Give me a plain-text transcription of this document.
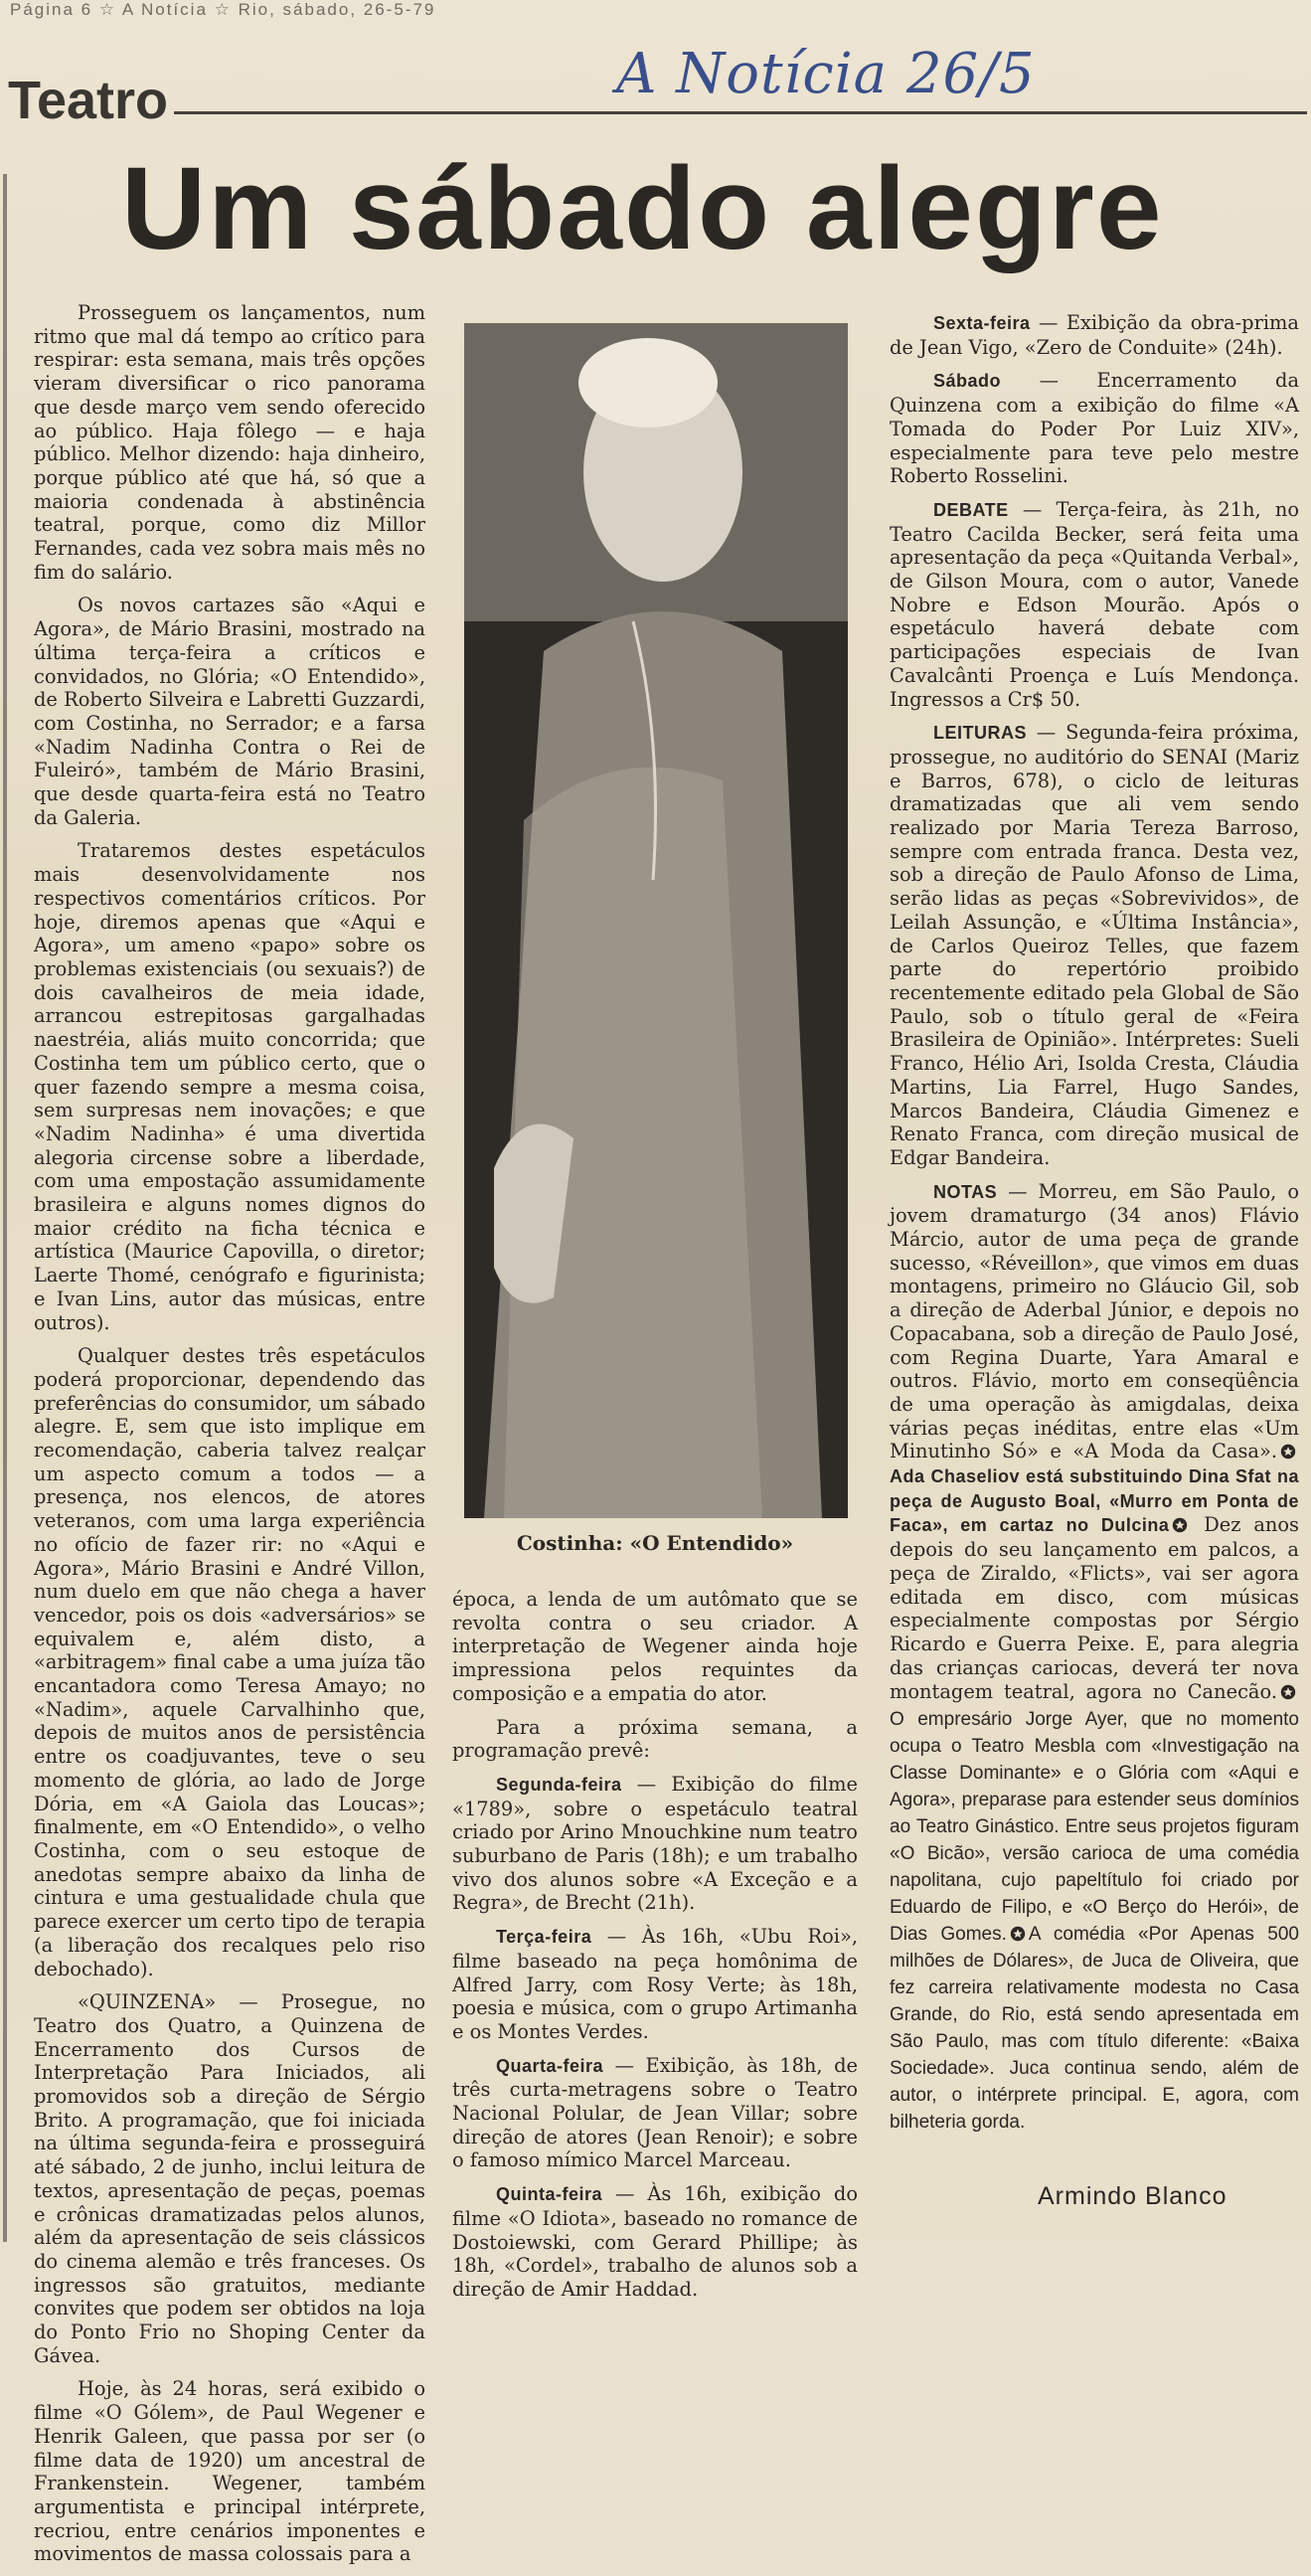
Página 6 ☆ A Notícia ☆ Rio, sábado, 26-5-79
A Notícia 26/5
Teatro
Um sábado alegre

Prosseguem os lançamentos, num ritmo que mal dá tempo ao crítico para respirar: esta semana, mais três opções vieram diversificar o rico panorama que desde março vem sendo oferecido ao público. Haja fôlego — e haja público. Melhor dizendo: haja dinheiro, porque público até que há, só que a maioria condenada à abstinência teatral, porque, como diz Millor Fernandes, cada vez sobra mais mês no fim do salário.

Os novos cartazes são «Aqui e Agora», de Mário Brasini, mostrado na última terça-feira a críticos e convidados, no Glória; «O Entendido», de Roberto Silveira e Labretti Guzzardi, com Costinha, no Serrador; e a farsa «Nadim Nadinha Contra o Rei de Fuleiró», também de Mário Brasini, que desde quarta-feira está no Teatro da Galeria.

Trataremos destes espetáculos mais desenvolvidamente nos respectivos comentários críticos. Por hoje, diremos apenas que «Aqui e Agora», um ameno «papo» sobre os problemas existenciais (ou sexuais?) de dois cavalheiros de meia idade, arrancou estrepitosas gargalhadas naestréia, aliás muito concorrida; que Costinha tem um público certo, que o quer fazendo sempre a mesma coisa, sem surpresas nem inovações; e que «Nadim Nadinha» é uma divertida alegoria circense sobre a liberdade, com uma empostação assumidamente brasileira e alguns nomes dignos do maior crédito na ficha técnica e artística (Maurice Capovilla, o diretor; Laerte Thomé, cenógrafo e figurinista; e Ivan Lins, autor das músicas, entre outros).

Qualquer destes três espetáculos poderá proporcionar, dependendo das preferências do consumidor, um sábado alegre. E, sem que isto implique em recomendação, caberia talvez realçar um aspecto comum a todos — a presença, nos elencos, de atores veteranos, com uma larga experiência no ofício de fazer rir: no «Aqui e Agora», Mário Brasini e André Villon, num duelo em que não chega a haver vencedor, pois os dois «adversários» se equivalem e, além disto, a «arbitragem» final cabe a uma juíza tão encantadora como Teresa Amayo; no «Nadim», aquele Carvalhinho que, depois de muitos anos de persistência entre os coadjuvantes, teve o seu momento de glória, ao lado de Jorge Dória, em «A Gaiola das Loucas»; finalmente, em «O Entendido», o velho Costinha, com o seu estoque de anedotas sempre abaixo da linha de cintura e uma gestualidade chula que parece exercer um certo tipo de terapia (a liberação dos recalques pelo riso debochado).

«QUINZENA» — Prosegue, no Teatro dos Quatro, a Quinzena de Encerramento dos Cursos de Interpretação Para Iniciados, ali promovidos sob a direção de Sérgio Brito. A programação, que foi iniciada na última segunda-feira e prosseguirá até sábado, 2 de junho, inclui leitura de textos, apresentação de peças, poemas e crônicas dramatizadas pelos alunos, além da apresentação de seis clássicos do cinema alemão e três franceses. Os ingressos são gratuitos, mediante convites que podem ser obtidos na loja do Ponto Frio no Shoping Center da Gávea.

Hoje, às 24 horas, será exibido o filme «O Gólem», de Paul Wegener e Henrik Galeen, que passa por ser (o filme data de 1920) um ancestral de Frankenstein. Wegener, também argumentista e principal intérprete, recriou, entre cenários imponentes e movimentos de massa colossais para a

Costinha: «O Entendido»

época, a lenda de um autômato que se revolta contra o seu criador. A interpretação de Wegener ainda hoje impressiona pelos requintes da composição e a empatia do ator.

Para a próxima semana, a programação prevê:

Segunda-feira — Exibição do filme «1789», sobre o espetáculo teatral criado por Arino Mnouchkine num teatro suburbano de Paris (18h); e um trabalho vivo dos alunos sobre «A Exceção e a Regra», de Brecht (21h).

Terça-feira — Às 16h, «Ubu Roi», filme baseado na peça homônima de Alfred Jarry, com Rosy Verte; às 18h, poesia e música, com o grupo Artimanha e os Montes Verdes.

Quarta-feira — Exibição, às 18h, de três curta-metragens sobre o Teatro Nacional Polular, de Jean Villar; sobre direção de atores (Jean Renoir); e sobre o famoso mímico Marcel Marceau.

Quinta-feira — Às 16h, exibição do filme «O Idiota», baseado no romance de Dostoiewski, com Gerard Phillipe; às 18h, «Cordel», trabalho de alunos sob a direção de Amir Haddad.

Sexta-feira — Exibição da obra-prima de Jean Vigo, «Zero de Conduite» (24h).

Sábado — Encerramento da Quinzena com a exibição do filme «A Tomada do Poder Por Luiz XIV», especialmente para teve pelo mestre Roberto Rosselini.

DEBATE — Terça-feira, às 21h, no Teatro Cacilda Becker, será feita uma apresentação da peça «Quitanda Verbal», de Gilson Moura, com o autor, Vanede Nobre e Edson Mourão. Após o espetáculo haverá debate com participações especiais de Ivan Cavalcânti Proença e Luís Mendonça. Ingressos a Cr$ 50.

LEITURAS — Segunda-feira próxima, prossegue, no auditório do SENAI (Mariz e Barros, 678), o ciclo de leituras dramatizadas que ali vem sendo realizado por Maria Tereza Barroso, sempre com entrada franca. Desta vez, sob a direção de Paulo Afonso de Lima, serão lidas as peças «Sobrevividos», de Leilah Assunção, e «Última Instância», de Carlos Queiroz Telles, que fazem parte do repertório proibido recentemente editado pela Global de São Paulo, sob o título geral de «Feira Brasileira de Opinião». Intérpretes: Sueli Franco, Hélio Ari, Isolda Cresta, Cláudia Martins, Lia Farrel, Hugo Sandes, Marcos Bandeira, Cláudia Gimenez e Renato Franca, com direção musical de Edgar Bandeira.

NOTAS — Morreu, em São Paulo, o jovem dramaturgo (34 anos) Flávio Márcio, autor de uma peça de grande sucesso, «Réveillon», que vimos em duas montagens, primeiro no Gláucio Gil, sob a direção de Aderbal Júnior, e depois no Copacabana, sob a direção de Paulo José, com Regina Duarte, Yara Amaral e outros. Flávio, morto em conseqüência de uma operação às amigdalas, deixa várias peças inéditas, entre elas «Um Minutinho Só» e «A Moda da Casa». Ada Chaseliov está substituindo Dina Sfat na peça de Augusto Boal, «Murro em Ponta de Faca», em cartaz no Dulcina Dez anos depois do seu lançamento em palcos, a peça de Ziraldo, «Flicts», vai ser agora editada em disco, com músicas especialmente compostas por Sérgio Ricardo e Guerra Peixe. E, para alegria das crianças cariocas, deverá ter nova montagem teatral, agora no Canecão. O empresário Jorge Ayer, que no momento ocupa o Teatro Mesbla com «Investigação na Classe Dominante» e o Glória com «Aqui e Agora», preparase para estender seus domínios ao Teatro Ginástico. Entre seus projetos figuram «O Bicão», versão carioca de uma comédia napolitana, cujo papeltítulo foi criado por Eduardo de Filipo, e «O Berço do Herói», de Dias Gomes. A comédia «Por Apenas 500 milhões de Dólares», de Juca de Oliveira, que fez carreira relativamente modesta no Casa Grande, do Rio, está sendo apresentada em São Paulo, mas com título diferente: «Baixa Sociedade». Juca continua sendo, além de autor, o intérprete principal. E, agora, com bilheteria gorda.

Armindo Blanco
